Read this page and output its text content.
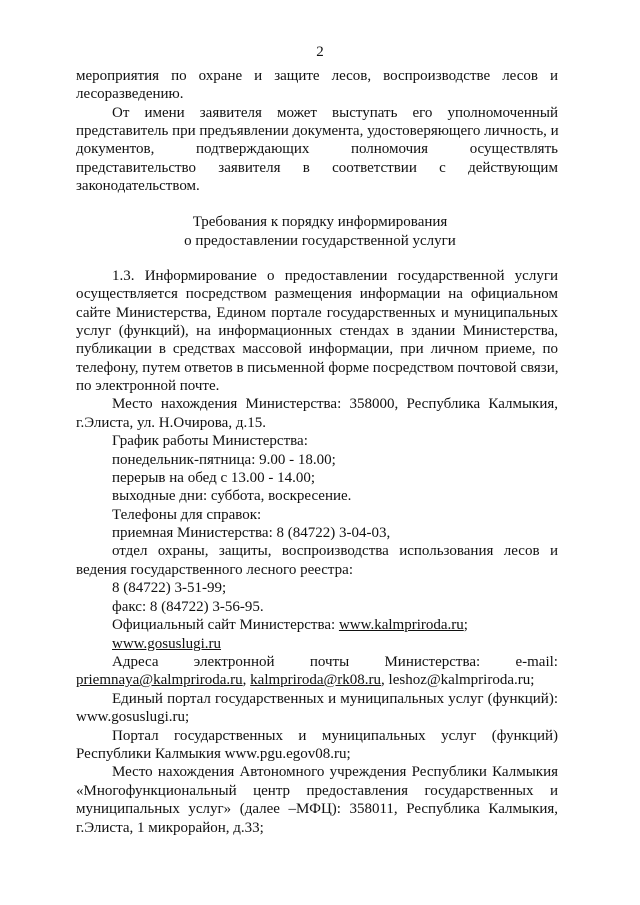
2
мероприятия по охране и защите лесов, воспроизводстве лесов и
лесоразведению.
От имени заявителя может выступать его уполномоченный
представитель при предъявлении документа, удостоверяющего личность, и
документов,	подтверждающих	полномочия	осуществлять
представительство заявителя в соответствии с действующим
законодательством.
Требования к порядку информирования
о предоставлении государственной услуги
1.3. Информирование о предоставлении государственной услуги
осуществляется посредством размещения информации на официальном
сайте Министерства, Едином портале государственных и муниципальных
услуг (функций), на информационных стендах в здании Министерства,
публикации в средствах массовой информации, при личном приеме, по
телефону, путем ответов в письменной форме посредством почтовой связи,
по электронной почте.
Место нахождения Министерства: 358000, Республика Калмыкия,
г.Элиста, ул. Н.Очирова, д.15.
График работы Министерства:
понедельник-пятница: 9.00 - 18.00;
перерыв на обед с 13.00 - 14.00;
выходные дни: суббота, воскресение.
Телефоны для справок:
приемная Министерства: 8 (84722) 3-04-03,
отдел охраны, защиты, воспроизводства использования лесов и
ведения государственного лесного реестра:
8 (84722) 3-51-99;
факс: 8 (84722) 3-56-95.
Официальный сайт Министерства: www.kalmpriroda.ru;
www.gosuslugi.ru
Адреса электронной почты Министерства: e-mail:
priemnaya@kalmpriroda.ru, kalmpriroda@rk08.ru, leshoz@kalmpriroda.ru;
Единый портал государственных и муниципальных услуг (функций):
www.gosuslugi.ru;
Портал государственных и муниципальных услуг (функций)
Республики Калмыкия www.pgu.egov08.ru;
Место нахождения Автономного учреждения Республики Калмыкия
«Многофункциональный центр предоставления государственных и
муниципальных услуг» (далее –МФЦ): 358011, Республика Калмыкия,
г.Элиста, 1 микрорайон, д.33;
